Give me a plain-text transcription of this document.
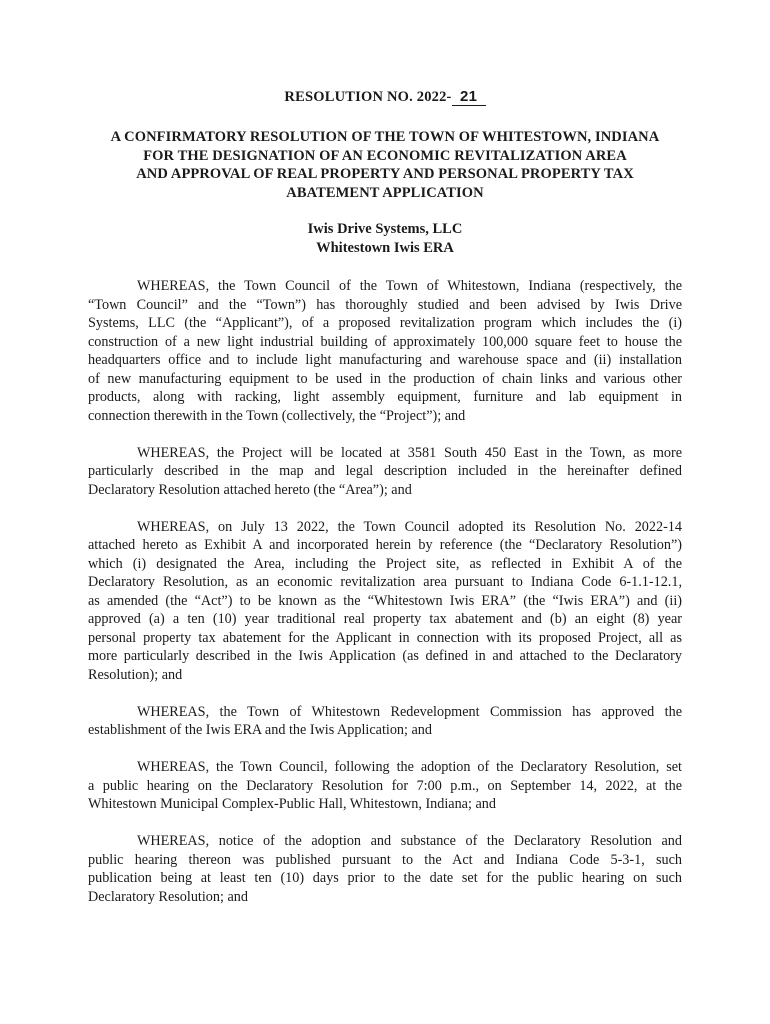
RESOLUTION NO. 2022- 21

A CONFIRMATORY RESOLUTION OF THE TOWN OF WHITESTOWN, INDIANA
FOR THE DESIGNATION OF AN ECONOMIC REVITALIZATION AREA
AND APPROVAL OF REAL PROPERTY AND PERSONAL PROPERTY TAX
ABATEMENT APPLICATION
Iwis Drive Systems, LLC
Whitestown Iwis ERA
WHEREAS, the Town Council of the Town of Whitestown, Indiana (respectively, the
“Town Council” and the “Town”) has thoroughly studied and been advised by Iwis Drive
Systems, LLC (the “Applicant”), of a proposed revitalization program which includes the (i)
construction of a new light industrial building of approximately 100,000 square feet to house the
headquarters office and to include light manufacturing and warehouse space and (ii) installation
of new manufacturing equipment to be used in the production of chain links and various other
products, along with racking, light assembly equipment, furniture and lab equipment in
connection therewith in the Town (collectively, the “Project”); and
WHEREAS, the Project will be located at 3581 South 450 East in the Town, as more
particularly described in the map and legal description included in the hereinafter defined
Declaratory Resolution attached hereto (the “Area”); and
WHEREAS, on July 13 2022, the Town Council adopted its Resolution No. 2022-14
attached hereto as Exhibit A and incorporated herein by reference (the “Declaratory Resolution”)
which (i) designated the Area, including the Project site, as reflected in Exhibit A of the
Declaratory Resolution, as an economic revitalization area pursuant to Indiana Code 6-1.1-12.1,
as amended (the “Act”) to be known as the “Whitestown Iwis ERA” (the “Iwis ERA”) and (ii)
approved (a) a ten (10) year traditional real property tax abatement and (b) an eight (8) year
personal property tax abatement for the Applicant in connection with its proposed Project, all as
more particularly described in the Iwis Application (as defined in and attached to the Declaratory
Resolution); and
WHEREAS, the Town of Whitestown Redevelopment Commission has approved the
establishment of the Iwis ERA and the Iwis Application; and
WHEREAS, the Town Council, following the adoption of the Declaratory Resolution, set
a public hearing on the Declaratory Resolution for 7:00 p.m., on September 14, 2022, at the
Whitestown Municipal Complex-Public Hall, Whitestown, Indiana; and
WHEREAS, notice of the adoption and substance of the Declaratory Resolution and
public hearing thereon was published pursuant to the Act and Indiana Code 5-3-1, such
publication being at least ten (10) days prior to the date set for the public hearing on such
Declaratory Resolution; and
